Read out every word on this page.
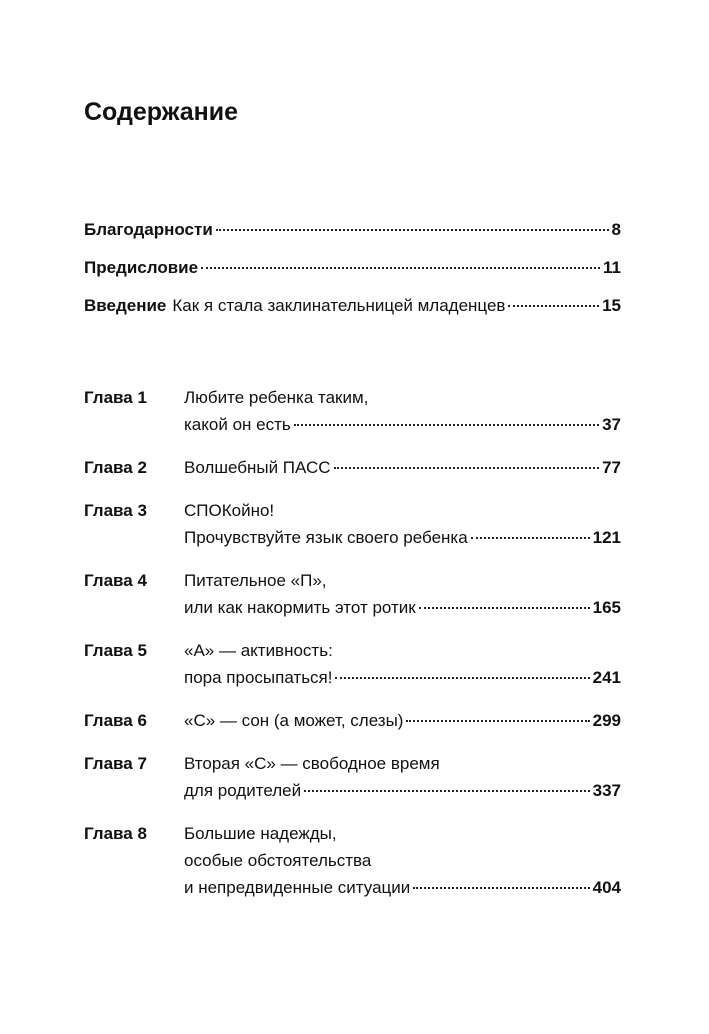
Содержание
Благодарности	8
Предисловие	11
Введение Как я стала заклинательницей младенцев	15
Глава 1	Любите ребенка таким,
какой он есть	37
Глава 2	Волшебный ПАСС	77
Глава 3	СПОКойно!
Прочувствуйте язык своего ребенка	121
Глава 4	Питательное «П»,
или как накормить этот ротик	165
Глава 5	«А» — активность:
пора просыпаться!	241
Глава 6	«С» — сон (а может, слезы)	299
Глава 7	Вторая «С» — свободное время
для родителей	337
Глава 8	Большие надежды,
особые обстоятельства
и непредвиденные ситуации	404
